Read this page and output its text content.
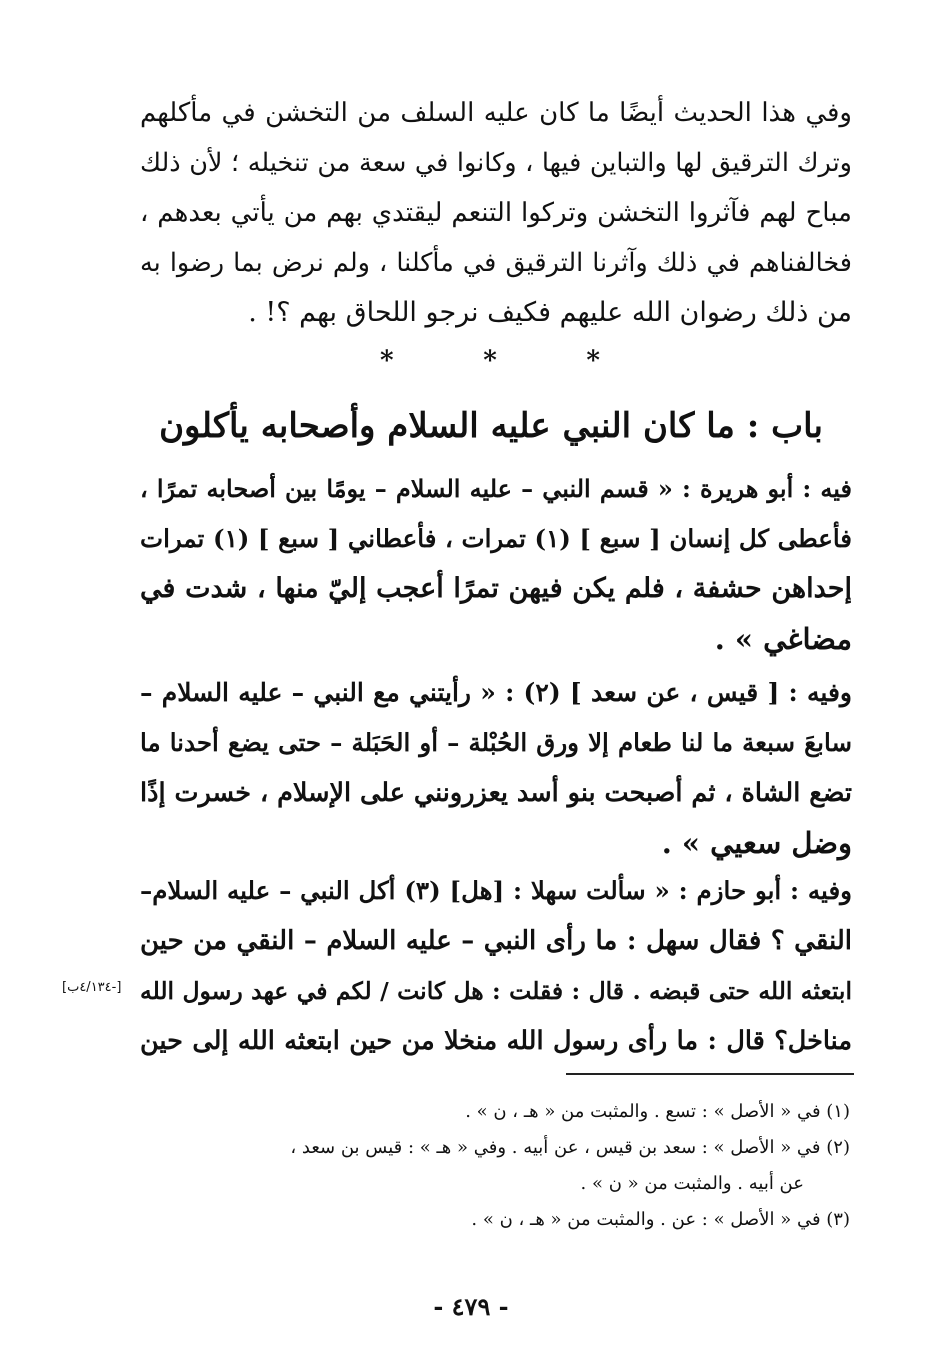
وفي هذا الحديث أيضًا ما كان عليه السلف من التخشن في مأكلهم
وترك الترقيق لها والتباين فيها ، وكانوا في سعة من تنخيله ؛ لأن ذلك
مباح لهم فآثروا التخشن وتركوا التنعم ليقتدي بهم من يأتي بعدهم ،
فخالفناهم في ذلك وآثرنا الترقيق في مأكلنا ، ولم نرض بما رضوا به
من ذلك رضوان الله عليهم فكيف نرجو اللحاق بهم ؟! .
*	*	*
باب : ما كان النبي عليه السلام وأصحابه يأكلون
فيه : أبو هريرة : « قسم النبي – عليه السلام – يومًا بين أصحابه تمرًا ،
فأعطى كل إنسان [ سبع ] (١) تمرات ، فأعطاني [ سبع ] (١) تمرات
إحداهن حشفة ، فلم يكن فيهن تمرًا أعجب إليّ منها ، شدت في
مضاغي » .
وفيه : [ قيس ، عن سعد ] (٢) : « رأيتني مع النبي – عليه السلام –
سابعَ سبعة ما لنا طعام إلا ورق الحُبْلة – أو الحَبَلة – حتى يضع أحدنا ما
تضع الشاة ، ثم أصبحت بنو أسد يعزرونني على الإسلام ، خسرت إذًا
وضل سعيي » .
وفيه : أبو حازم : « سألت سهلا : [هل] (٣) أكل النبي – عليه السلام–
النقي ؟ فقال سهل : ما رأى النبي – عليه السلام – النقي من حين
ابتعثه الله حتى قبضه . قال : فقلت : هل كانت / لكم في عهد رسول الله
مناخل؟ قال : ما رأى رسول الله منخلا من حين ابتعثه الله إلى حين
[٤/١٣٤ب-]
(١) في « الأصل » : تسع . والمثبت من « هـ ، ن » .
(٢) في « الأصل » : سعد بن قيس ، عن أبيه . وفي « هـ » : قيس بن سعد ،
عن أبيه . والمثبت من « ن » .
(٣) في « الأصل » : عن . والمثبت من « هـ ، ن » .
- ٤٧٩ -
